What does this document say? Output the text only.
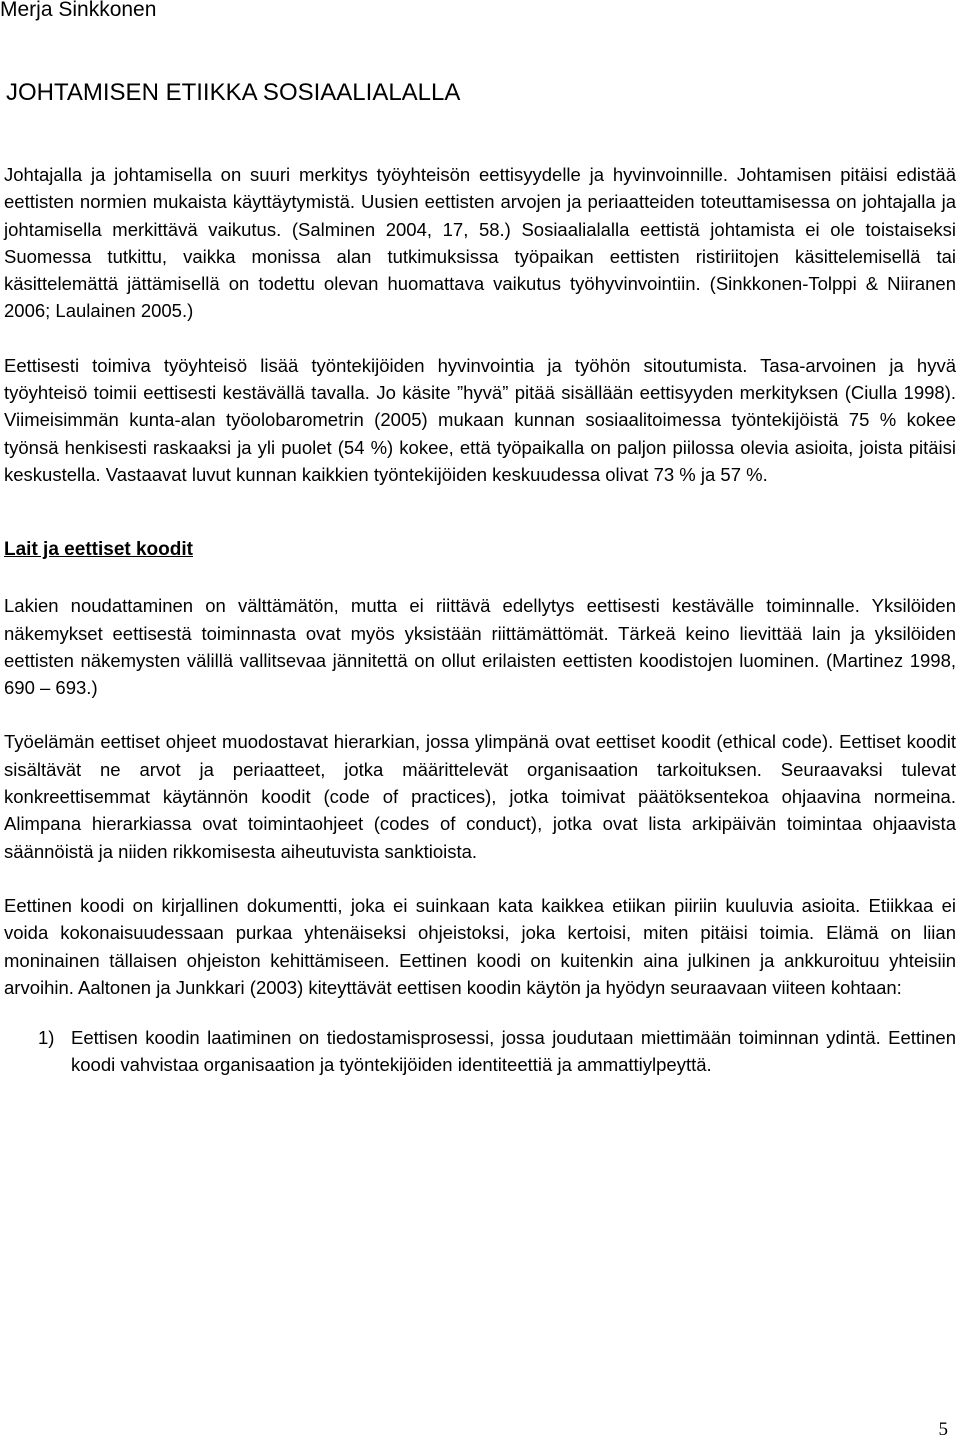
Merja Sinkkonen
JOHTAMISEN ETIIKKA SOSIAALIALALLA

Johtajalla ja johtamisella on suuri merkitys työyhteisön eettisyydelle ja hyvinvoinnille. Johtamisen pitäisi edistää eettisten normien mukaista käyttäytymistä. Uusien eettisten arvojen ja periaatteiden toteuttamisessa on johtajalla ja johtamisella merkittävä vaikutus. (Salminen 2004, 17, 58.) Sosiaalialalla eettistä johtamista ei ole toistaiseksi Suomessa tutkittu, vaikka monissa alan tutkimuksissa työpaikan eettisten ristiriitojen käsittelemisellä tai käsittelemättä jättämisellä on todettu olevan huomattava vaikutus työhyvinvointiin. (Sinkkonen-Tolppi & Niiranen 2006; Laulainen 2005.)

Eettisesti toimiva työyhteisö lisää työntekijöiden hyvinvointia ja työhön sitoutumista. Tasa-arvoinen ja hyvä työyhteisö toimii eettisesti kestävällä tavalla. Jo käsite ”hyvä” pitää sisällään eettisyyden merkityksen (Ciulla 1998). Viimeisimmän kunta-alan työolobarometrin (2005) mukaan kunnan sosiaalitoimessa työntekijöistä 75 % kokee työnsä henkisesti raskaaksi ja yli puolet (54 %) kokee, että työpaikalla on paljon piilossa olevia asioita, joista pitäisi keskustella. Vastaavat luvut kunnan kaikkien työntekijöiden keskuudessa olivat 73 % ja 57 %.

Lait ja eettiset koodit

Lakien noudattaminen on välttämätön, mutta ei riittävä edellytys eettisesti kestävälle toiminnalle. Yksilöiden näkemykset eettisestä toiminnasta ovat myös yksistään riittämättömät. Tärkeä keino lievittää lain ja yksilöiden eettisten näkemysten välillä vallitsevaa jännitettä on ollut erilaisten eettisten koodistojen luominen. (Martinez 1998, 690 – 693.)

Työelämän eettiset ohjeet muodostavat hierarkian, jossa ylimpänä ovat eettiset koodit (ethical code). Eettiset koodit sisältävät ne arvot ja periaatteet, jotka määrittelevät organisaation tarkoituksen. Seuraavaksi tulevat konkreettisemmat käytännön koodit (code of practices), jotka toimivat päätöksentekoa ohjaavina normeina. Alimpana hierarkiassa ovat toimintaohjeet (codes of conduct), jotka ovat lista arkipäivän toimintaa ohjaavista säännöistä ja niiden rikkomisesta aiheutuvista sanktioista.

Eettinen koodi on kirjallinen dokumentti, joka ei suinkaan kata kaikkea etiikan piiriin kuuluvia asioita. Etiikkaa ei voida kokonaisuudessaan purkaa yhtenäiseksi ohjeistoksi, joka kertoisi, miten pitäisi toimia. Elämä on liian moninainen tällaisen ohjeiston kehittämiseen. Eettinen koodi on kuitenkin aina julkinen ja ankkuroituu yhteisiin arvoihin. Aaltonen ja Junkkari (2003) kiteyttävät eettisen koodin käytön ja hyödyn seuraavaan viiteen kohtaan:

1) Eettisen koodin laatiminen on tiedostamisprosessi, jossa joudutaan miettimään toiminnan ydintä. Eettinen koodi vahvistaa organisaation ja työntekijöiden identiteettiä ja ammattiylpeyttä.
5
